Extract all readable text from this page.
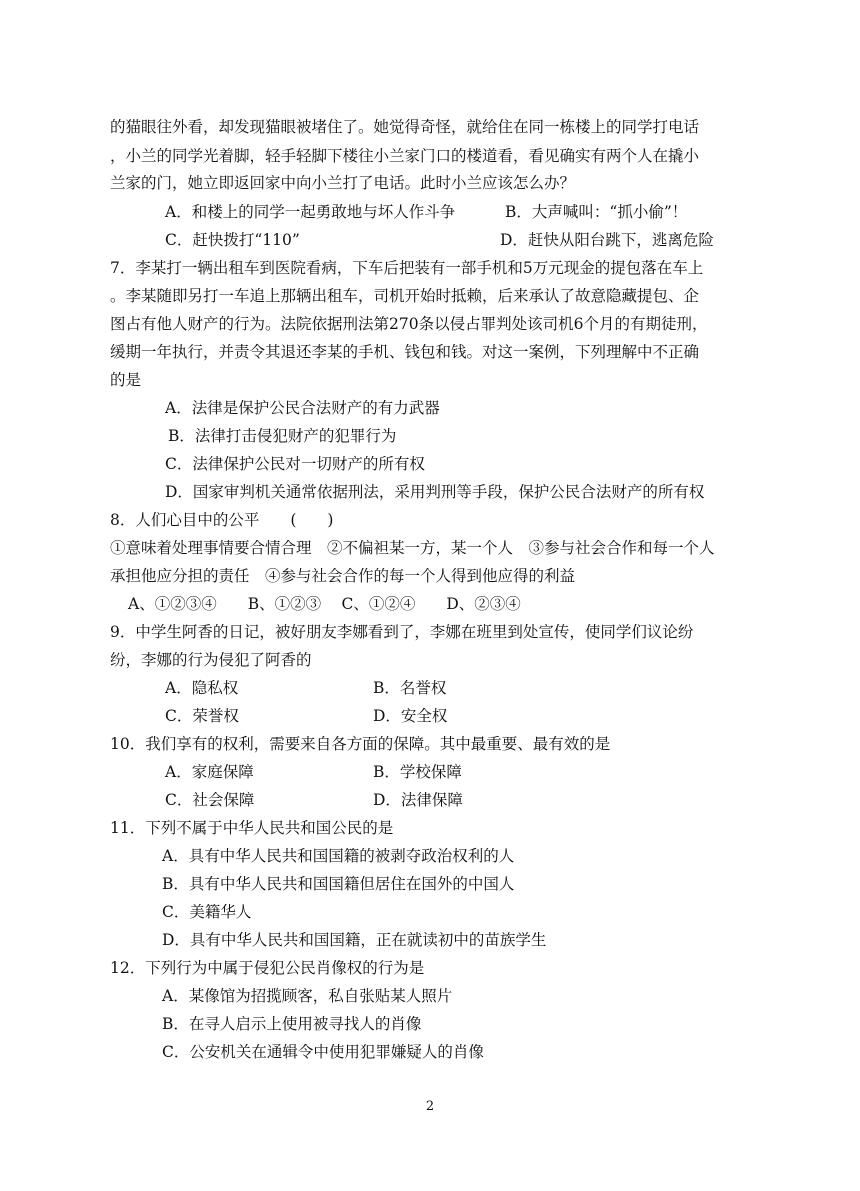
的猫眼往外看，却发现猫眼被堵住了。她觉得奇怪，就给住在同一栋楼上的同学打电话
，小兰的同学光着脚，轻手轻脚下楼往小兰家门口的楼道看，看见确实有两个人在撬小
兰家的门，她立即返回家中向小兰打了电话。此时小兰应该怎么办？
A．和楼上的同学一起勇敢地与坏人作斗争	B．大声喊叫：“抓小偷”！
C．赶快拨打“110”	D．赶快从阳台跳下，逃离危险
7．李某打一辆出租车到医院看病，下车后把装有一部手机和5万元现金的提包落在车上
。李某随即另打一车追上那辆出租车，司机开始时抵赖，后来承认了故意隐藏提包、企
图占有他人财产的行为。法院依据刑法第270条以侵占罪判处该司机6个月的有期徒刑，
缓期一年执行，并责令其退还李某的手机、钱包和钱。对这一案例，下列理解中不正确
的是
A．法律是保护公民合法财产的有力武器
B．法律打击侵犯财产的犯罪行为
C．法律保护公民对一切财产的所有权
D．国家审判机关通常依据刑法，采用判刑等手段，保护公民合法财产的所有权
8．人们心目中的公平　　(　　)
①意味着处理事情要合情合理　②不偏袒某一方，某一个人　③参与社会合作和每一个人
承担他应分担的责任　④参与社会合作的每一个人得到他应得的利益
A、①②③④　　B、①②③　 C、①②④　　D、②③④
9．中学生阿香的日记，被好朋友李娜看到了，李娜在班里到处宣传，使同学们议论纷
纷，李娜的行为侵犯了阿香的
A．隐私权	B．名誉权
C．荣誉权	D．安全权
10．我们享有的权利，需要来自各方面的保障。其中最重要、最有效的是
A．家庭保障	B．学校保障
C．社会保障	D．法律保障
11．下列不属于中华人民共和国公民的是
A．具有中华人民共和国国籍的被剥夺政治权利的人
B．具有中华人民共和国国籍但居住在国外的中国人
C．美籍华人
D．具有中华人民共和国国籍，正在就读初中的苗族学生
12．下列行为中属于侵犯公民肖像权的行为是
A．某像馆为招揽顾客，私自张贴某人照片
B．在寻人启示上使用被寻找人的肖像
C．公安机关在通辑令中使用犯罪嫌疑人的肖像
2
